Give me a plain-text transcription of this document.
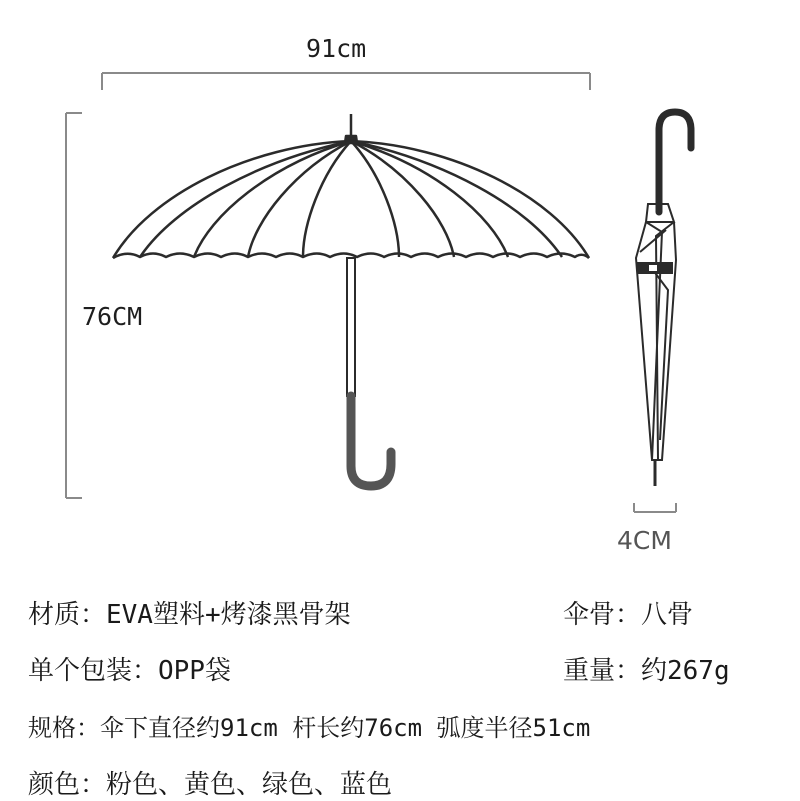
91cm
76CM
4CM
材质：EVA塑料+烤漆黑骨架	伞骨：八骨
单个包装：OPP袋	重量：约267g
规格：伞下直径约91cm 杆长约76cm 弧度半径51cm
颜色：粉色、黄色、绿色、蓝色
